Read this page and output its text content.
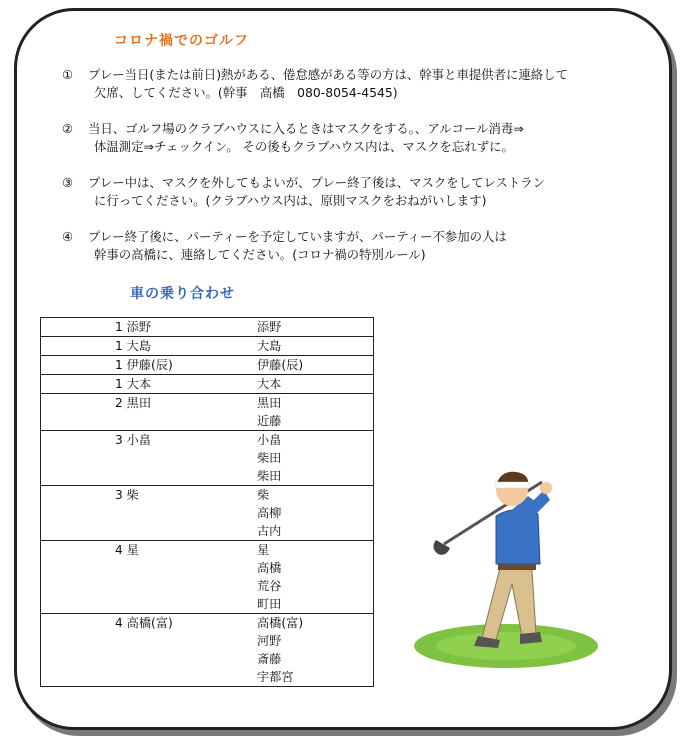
コロナ禍でのゴルフ
① プレー当日(または前日)熱がある、倦怠感がある等の方は、幹事と車提供者に連絡して
欠席、してください。(幹事　高橋　080-8054-4545)
② 当日、ゴルフ場のクラブハウスに入るときはマスクをする。、アルコール消毒⇒
体温測定⇒チェックイン。 その後もクラブハウス内は、マスクを忘れずに。
③ プレー中は、マスクを外してもよいが、プレー終了後は、マスクをしてレストラン
に行ってください。(クラブハウス内は、原則マスクをおねがいします)
④ プレー終了後に、パーティーを予定していますが、パーティー不参加の人は
幹事の高橋に、連絡してください。(コロナ禍の特別ルール)
車の乗り合わせ
1 添野	添野

1 大島	大島

1 伊藤(辰)	伊藤(辰)

1 大本	大本

2 黒田	黒田
近藤

3 小畠	小畠
柴田
柴田

3 柴	柴
高柳
古内

4 星	星
高橋
荒谷
町田

4 高橋(富)	高橋(富)
河野
斎藤
宇都宮
